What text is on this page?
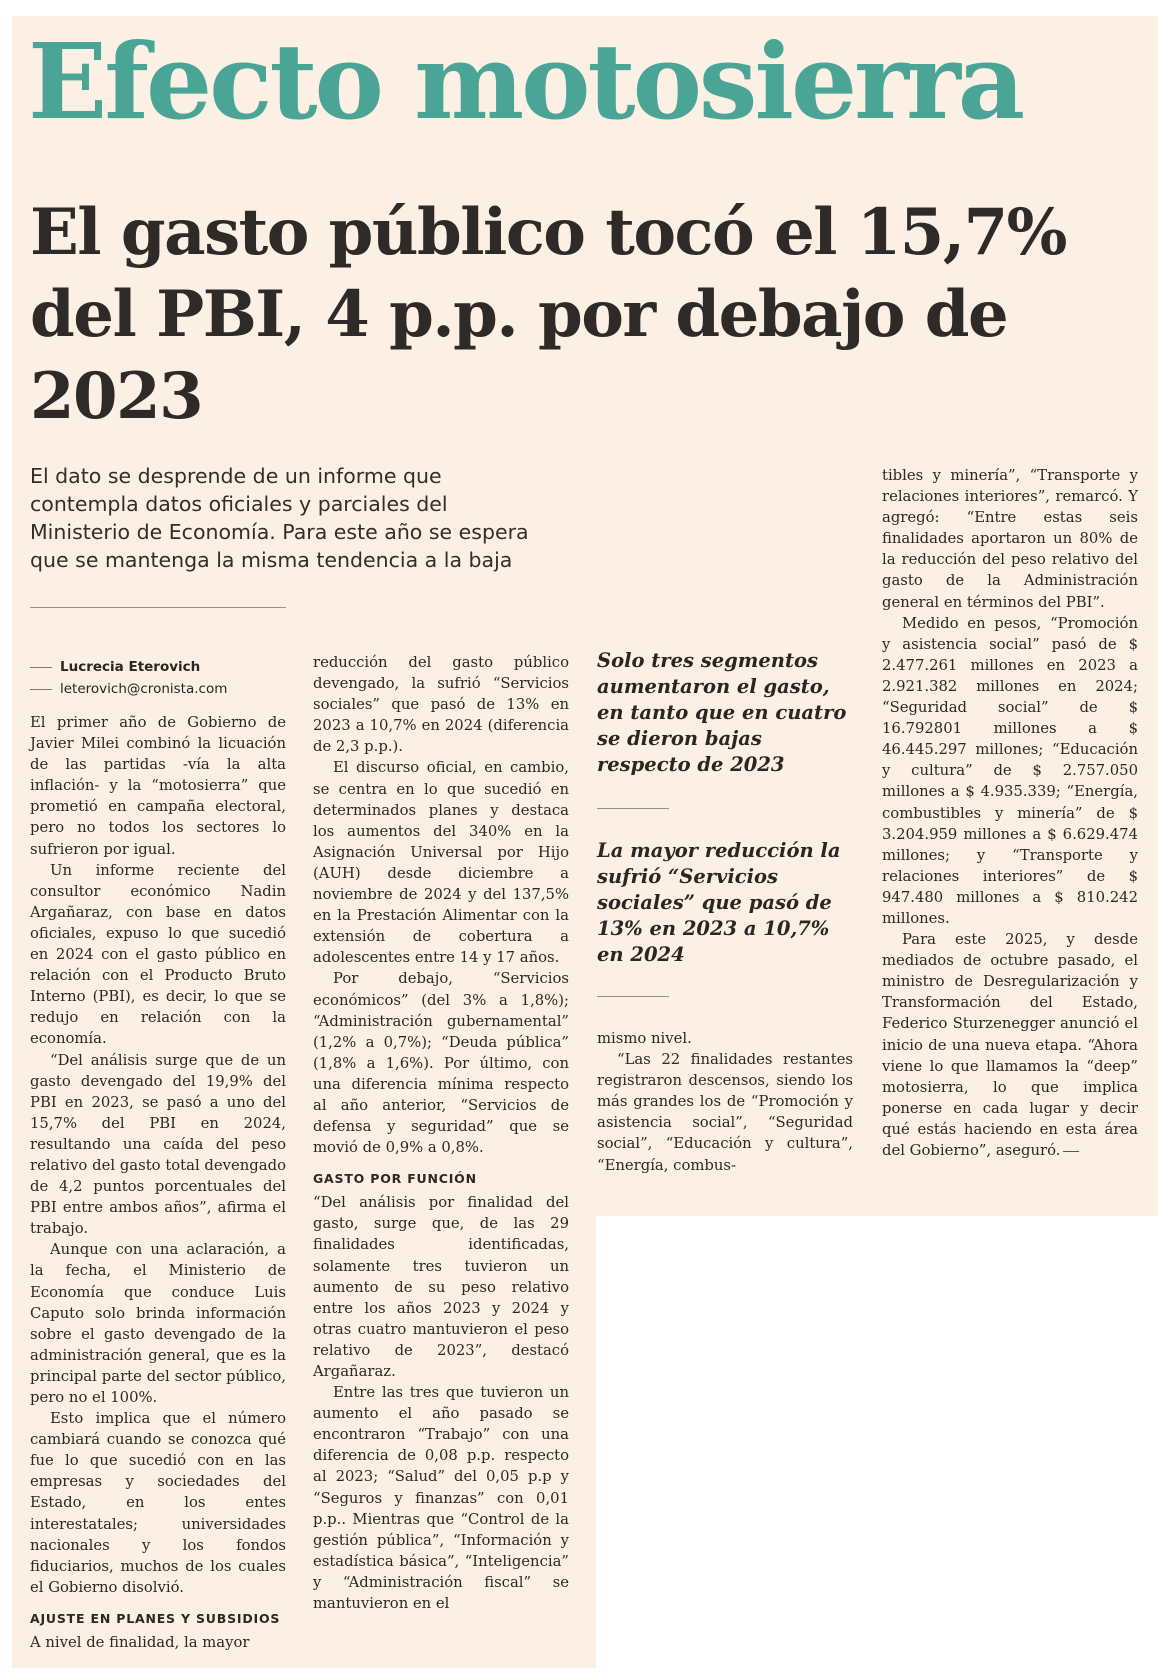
Efecto motosierra
El gasto público tocó el 15,7% del PBI, 4 p.p. por debajo de 2023

El dato se desprende de un informe que contempla datos oficiales y parciales del Ministerio de Economía. Para este año se espera que se mantenga la misma tendencia a la baja

Lucrecia Eterovich
leterovich@cronista.com

El primer año de Gobierno de Javier Milei combinó la licuación de las partidas -vía la alta inflación- y la “motosierra” que prometió en campaña electoral, pero no todos los sectores lo sufrieron por igual.

Un informe reciente del consultor económico Nadin Argañaraz, con base en datos oficiales, expuso lo que sucedió en 2024 con el gasto público en relación con el Producto Bruto Interno (PBI), es decir, lo que se redujo en relación con la economía.

“Del análisis surge que de un gasto devengado del 19,9% del PBI en 2023, se pasó a uno del 15,7% del PBI en 2024, resultando una caída del peso relativo del gasto total devengado de 4,2 puntos porcentuales del PBI entre ambos años”, afirma el trabajo.

Aunque con una aclaración, a la fecha, el Ministerio de Economía que conduce Luis Caputo solo brinda información sobre el gasto devengado de la administración general, que es la principal parte del sector público, pero no el 100%.

Esto implica que el número cambiará cuando se conozca qué fue lo que sucedió con en las empresas y sociedades del Estado, en los entes interestatales; universidades nacionales y los fondos fiduciarios, muchos de los cuales el Gobierno disolvió.

AJUSTE EN PLANES Y SUBSIDIOS

A nivel de finalidad, la mayor

reducción del gasto público devengado, la sufrió “Servicios sociales” que pasó de 13% en 2023 a 10,7% en 2024 (diferencia de 2,3 p.p.).

El discurso oficial, en cambio, se centra en lo que sucedió en determinados planes y destaca los aumentos del 340% en la Asignación Universal por Hijo (AUH) desde diciembre a noviembre de 2024 y del 137,5% en la Prestación Alimentar con la extensión de cobertura a adolescentes entre 14 y 17 años.

Por debajo, “Servicios económicos” (del 3% a 1,8%); “Administración gubernamental” (1,2% a 0,7%); “Deuda pública” (1,8% a 1,6%). Por último, con una diferencia mínima respecto al año anterior, “Servicios de defensa y seguridad” que se movió de 0,9% a 0,8%.

GASTO POR FUNCIÓN

“Del análisis por finalidad del gasto, surge que, de las 29 finalidades identificadas, solamente tres tuvieron un aumento de su peso relativo entre los años 2023 y 2024 y otras cuatro mantuvieron el peso relativo de 2023”, destacó Argañaraz.

Entre las tres que tuvieron un aumento el año pasado se encontraron “Trabajo” con una diferencia de 0,08 p.p. respecto al 2023; “Salud” del 0,05 p.p y “Seguros y finanzas” con 0,01 p.p.. Mientras que “Control de la gestión pública”, “Información y estadística básica”, “Inteligencia” y “Administración fiscal” se mantuvieron en el

Solo tres segmentos aumentaron el gasto, en tanto que en cuatro se dieron bajas respecto de 2023

La mayor reducción la sufrió “Servicios sociales” que pasó de 13% en 2023 a 10,7% en 2024

mismo nivel.

“Las 22 finalidades restantes registraron descensos, siendo los más grandes los de “Promoción y asistencia social”, “Seguridad social”, “Educación y cultura”, “Energía, combus-

tibles y minería”, “Transporte y relaciones interiores”, remarcó. Y agregó: “Entre estas seis finalidades aportaron un 80% de la reducción del peso relativo del gasto de la Administración general en términos del PBI”.

Medido en pesos, “Promoción y asistencia social” pasó de $ 2.477.261 millones en 2023 a 2.921.382 millones en 2024; “Seguridad social” de $ 16.792801 millones a $ 46.445.297 millones; “Educación y cultura” de $ 2.757.050 millones a $ 4.935.339; “Energía, combustibles y minería” de $ 3.204.959 millones a $ 6.629.474 millones; y “Transporte y relaciones interiores” de $ 947.480 millones a $ 810.242 millones.

Para este 2025, y desde mediados de octubre pasado, el ministro de Desregularización y Transformación del Estado, Federico Sturzenegger anunció el inicio de una nueva etapa. “Ahora viene lo que llamamos la “deep” motosierra, lo que implica ponerse en cada lugar y decir qué estás haciendo en esta área del Gobierno”, aseguró.
